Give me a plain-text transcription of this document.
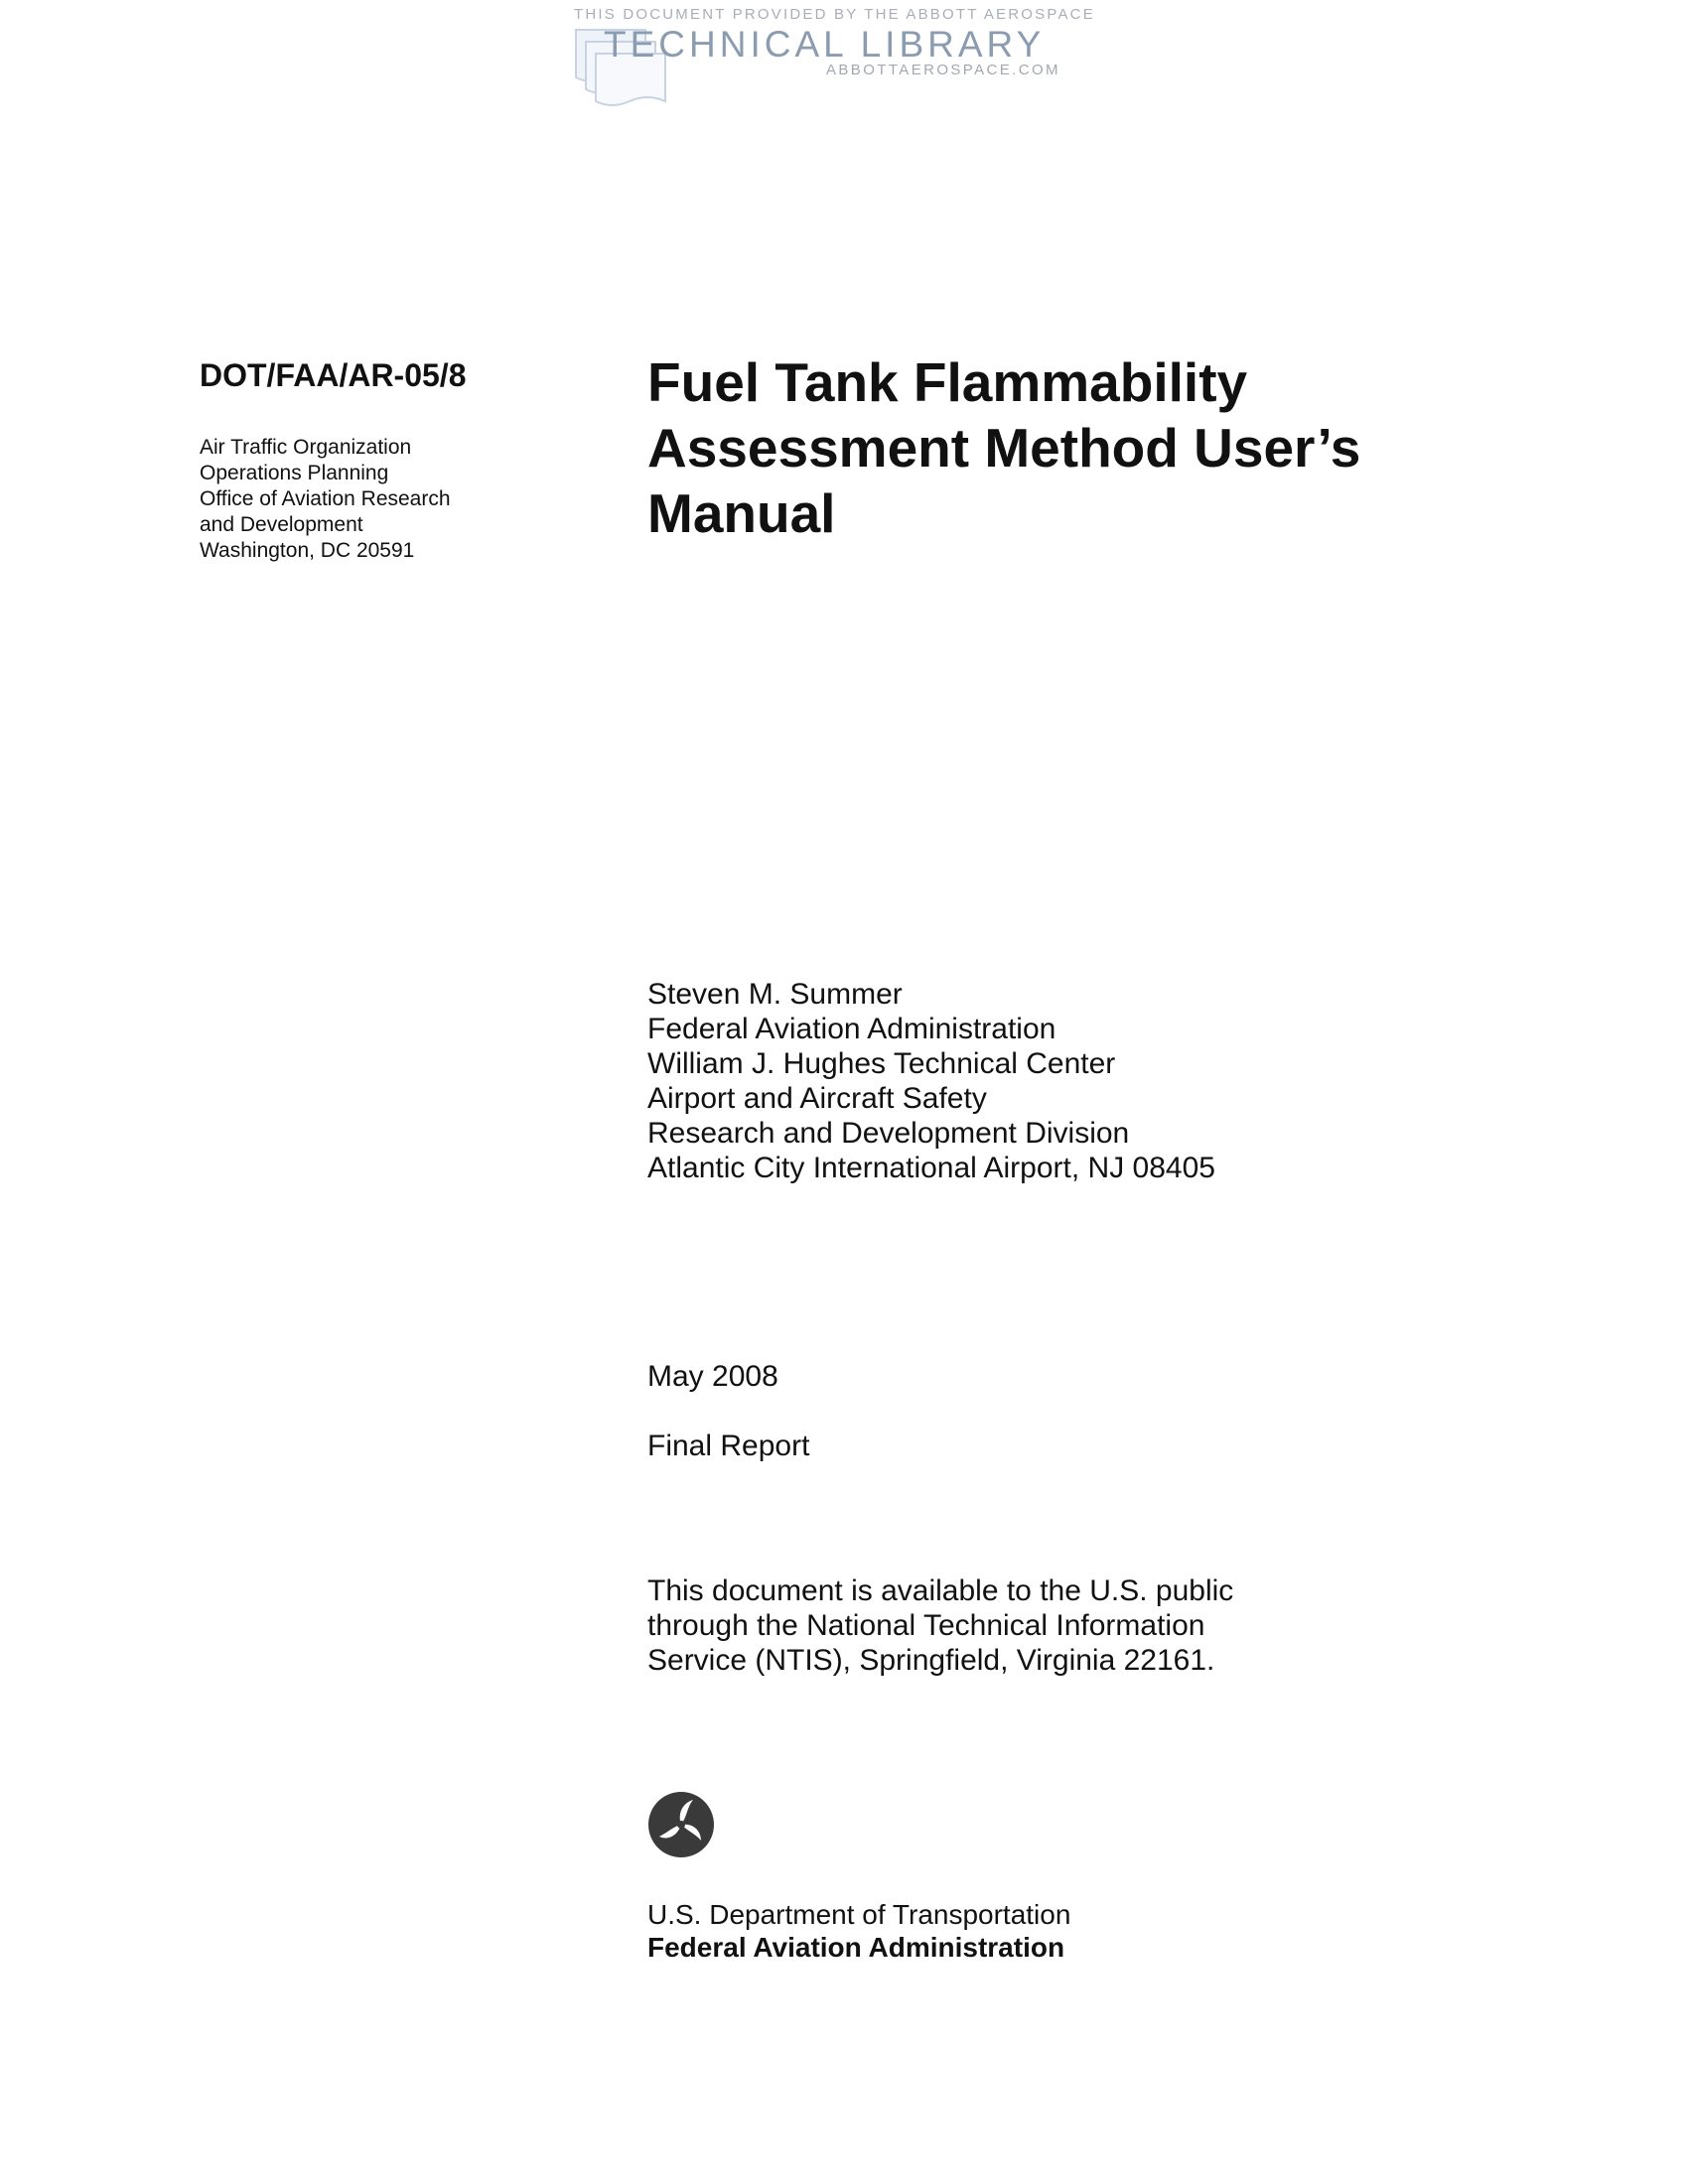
THIS DOCUMENT PROVIDED BY THE ABBOTT AEROSPACE
TECHNICAL LIBRARY
ABBOTTAEROSPACE.COM
DOT/FAA/AR-05/8
Air Traffic Organization
Operations Planning
Office of Aviation Research
and Development
Washington, DC 20591
Fuel Tank Flammability
Assessment Method User’s
Manual
Steven M. Summer
Federal Aviation Administration
William J. Hughes Technical Center
Airport and Aircraft Safety
Research and Development Division
Atlantic City International Airport, NJ 08405
May 2008
Final Report
This document is available to the U.S. public
through the National Technical Information
Service (NTIS), Springfield, Virginia 22161.
U.S. Department of Transportation
Federal Aviation Administration
